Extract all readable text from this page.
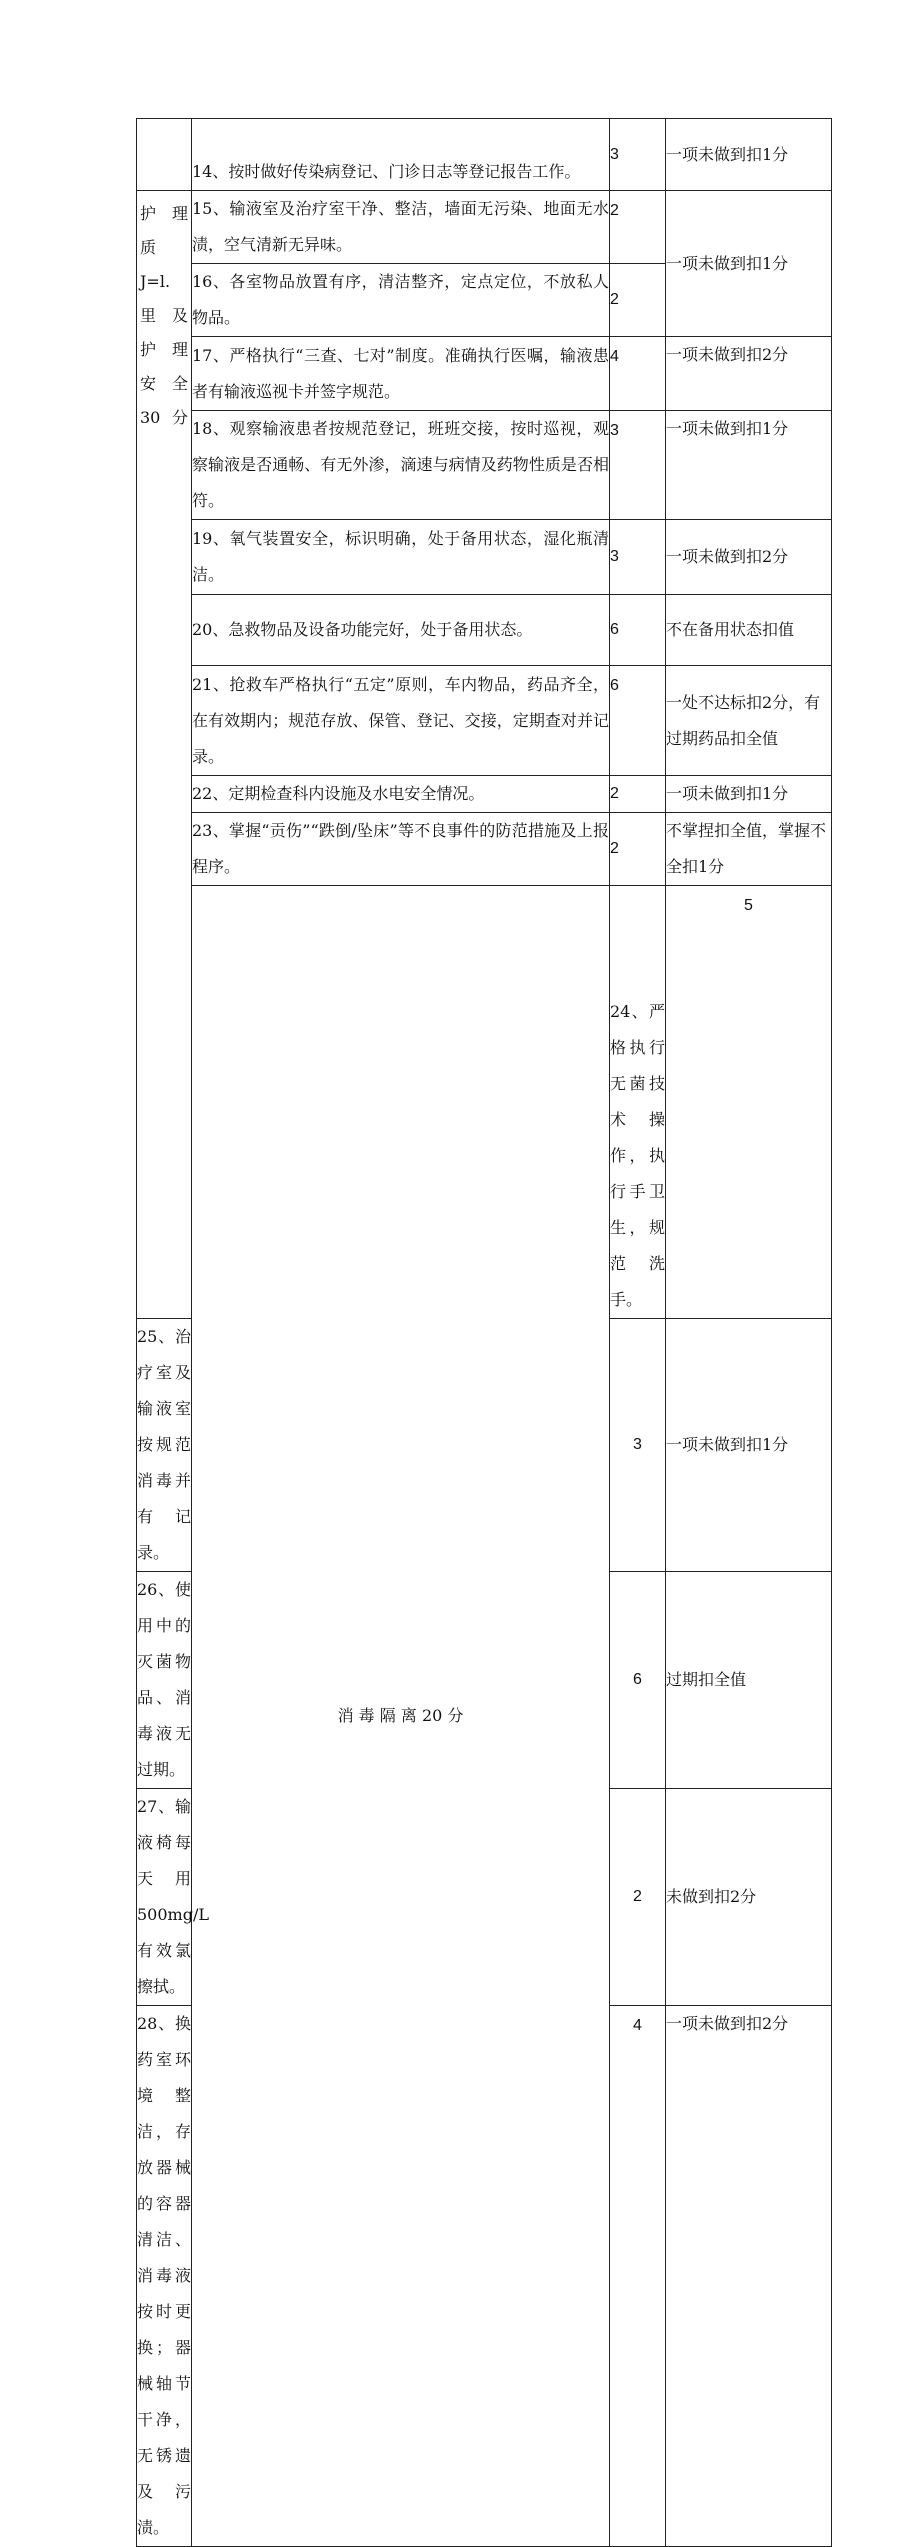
	14、按时做好传染病登记、门诊日志等登记报告工作。	3	一项未做到扣1分	

护 理 质 J=l. 里 及 护 理 安 全 30分	15、输液室及治疗室干净、整洁，墙面无污染、地面无水渍，空气清新无异味。	2	一项未做到扣1分	
	16、各室物品放置有序，清洁整齐，定点定位，不放私人物品。	2		
	17、严格执行“三查、七对”制度。准确执行医嘱，输液患者有输液巡视卡并签字规范。	4	一项未做到扣2分	
	18、观察输液患者按规范登记，班班交接，按时巡视，观察输液是否通畅、有无外渗，滴速与病情及药物性质是否相符。	3	一项未做到扣1分	
	19、氧气装置安全，标识明确，处于备用状态，湿化瓶清洁。	3	一项未做到扣2分	
	20、急救物品及设备功能完好，处于备用状态。	6	不在备用状态扣值	
	21、抢救车严格执行“五定”原则，车内物品，药品齐全，在有效期内；规范存放、保管、登记、交接，定期查对并记录。	6	一处不达标扣2分，有过期药品扣全值	
	22、定期检查科内设施及水电安全情况。	2	一项未做到扣1分	
	23、掌握“贡伤”“跌倒/坠床”等不良事件的防范措施及上报程序。	2	不掌捏扣全值，掌握不全扣1分	

	消 毒 隔 离 20 分	24、严格执行无菌技术操作，执行手卫生，规范洗手。	5	
25、治疗室及输液室按规范消毒并有记录。		3	一项未做到扣1分	
26、使用中的灭菌物品、消毒液无过期。		6	过期扣全值	
27、输液椅每天用500mg/L有效氯擦拭。		2	未做到扣2分	
28、换药室环境整洁，存放器械的容器清洁、消毒液按时更换；器械轴节干净，无锈遗及污渍。		4	一项未做到扣2分	
